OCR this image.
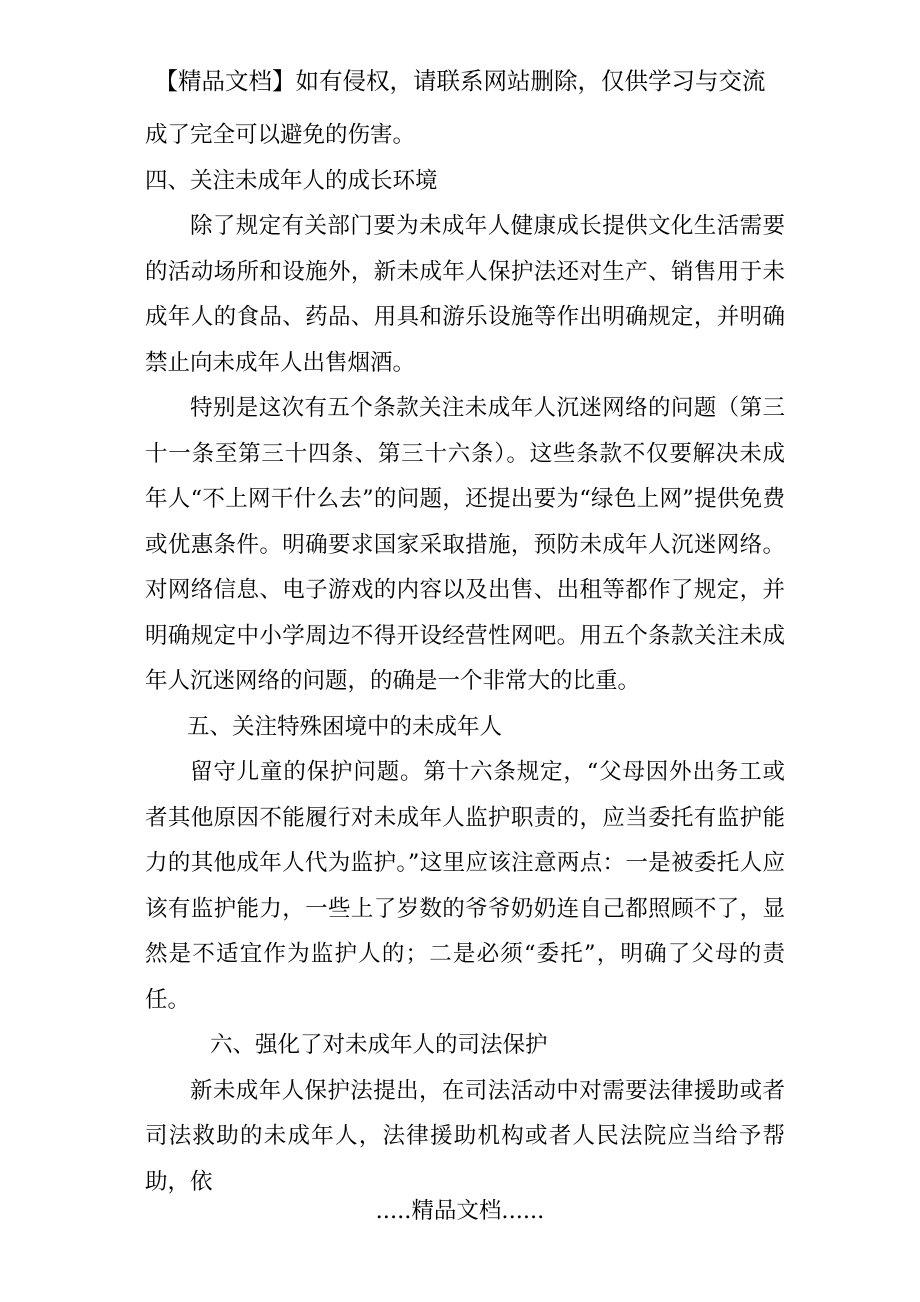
【精品文档】如有侵权，请联系网站删除，仅供学习与交流

成了完全可以避免的伤害。

四、关注未成年人的成长环境

除了规定有关部门要为未成年人健康成长提供文化生活需要的活动场所和设施外，新未成年人保护法还对生产、销售用于未成年人的食品、药品、用具和游乐设施等作出明确规定，并明确禁止向未成年人出售烟酒。

特别是这次有五个条款关注未成年人沉迷网络的问题（第三十一条至第三十四条、第三十六条）。这些条款不仅要解决未成年人“不上网干什么去”的问题，还提出要为“绿色上网”提供免费或优惠条件。明确要求国家采取措施，预防未成年人沉迷网络。对网络信息、电子游戏的内容以及出售、出租等都作了规定，并明确规定中小学周边不得开设经营性网吧。用五个条款关注未成年人沉迷网络的问题，的确是一个非常大的比重。

五、关注特殊困境中的未成年人

留守儿童的保护问题。第十六条规定，“父母因外出务工或者其他原因不能履行对未成年人监护职责的，应当委托有监护能力的其他成年人代为监护。”这里应该注意两点：一是被委托人应该有监护能力，一些上了岁数的爷爷奶奶连自己都照顾不了，显然是不适宜作为监护人的；二是必须“委托”，明确了父母的责任。

六、强化了对未成年人的司法保护

新未成年人保护法提出，在司法活动中对需要法律援助或者司法救助的未成年人，法律援助机构或者人民法院应当给予帮助，依

.....精品文档......
